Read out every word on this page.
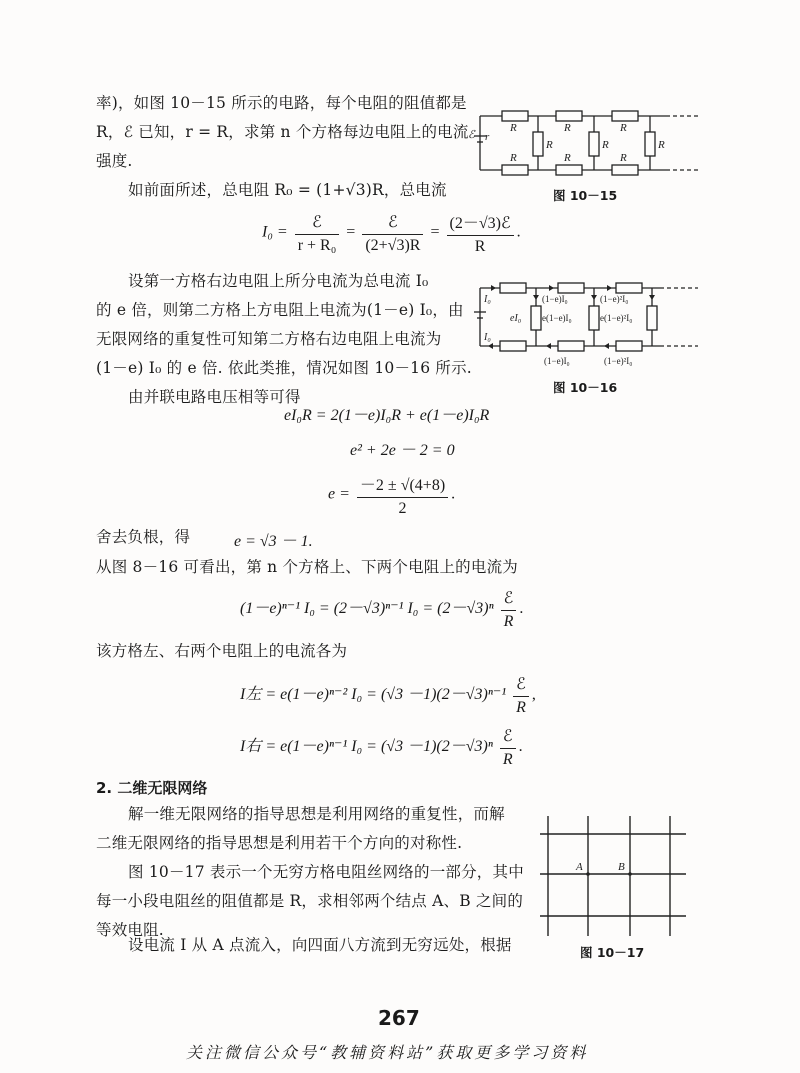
率)，如图 10－15 所示的电路，每个电阻的阻值都是
R，ℰ 已知，r = R，求第 n 个方格每边电阻上的电流
强度.
如前面所述，总电阻 R₀ = (1+√3)R，总电流
ℰ r
R	R	R
R	R	R
R	R	R
图 10－15
$I_0 = \frac{\text{ℰ}}{\text{r + R₀}} = \frac{\text{ℰ}}{(2+√3)R} = \frac{\text{(2－√3)ℰ}}{R}$ .
设第一方格右边电阻上所分电流为总电流 I₀
的 e 倍，则第二方格上方电阻上电流为(1－e) I₀，由
无限网络的重复性可知第二方格右边电阻上电流为
(1－e) I₀ 的 e 倍. 依此类推，情况如图 10－16 所示.
由并联电路电压相等可得
I₀
I₀
eI₀
(1−e)I₀	(1−e)²I₀
e(1−e)I₀	e(1−e)²I₀
(1−e)I₀	(1−e)²I₀
图 10－16
eI₀R = 2(1－e)I₀R + e(1－e)I₀R
e² + 2e － 2 = 0
$e = \frac{-2 \pm √(4+8)}{2}$ .
舍去负根，得	e = √3 － 1.
从图 8－16 可看出，第 n 个方格上、下两个电阻上的电流为
(1－e)ⁿ⁻¹ I₀ = (2－√3)ⁿ⁻¹ $I_0 = (2-√3)^n \frac{\text{ℰ}}{R}$ .
该方格左、右两个电阻上的电流各为
I左 = e(1－e)ⁿ⁻² $I_0 = (√3 -1)(2-√3)^{n-1} \frac{\text{ℰ}}{R}$ ,
I右 = e(1－e)ⁿ⁻¹ $I_0 = (√3 -1)(2-√3)^n \frac{\text{ℰ}}{R}$ .
2. 二维无限网络
解一维无限网络的指导思想是利用网络的重复性，而解
二维无限网络的指导思想是利用若干个方向的对称性.
图 10－17 表示一个无穷方格电阻丝网络的一部分，其中
每一小段电阻丝的阻值都是 R，求相邻两个结点 A、B 之间的
等效电阻.
设电流 I 从 A 点流入，向四面八方流到无穷远处，根据
A	B
图 10－17
267
关注微信公众号“教辅资料站”获取更多学习资料
